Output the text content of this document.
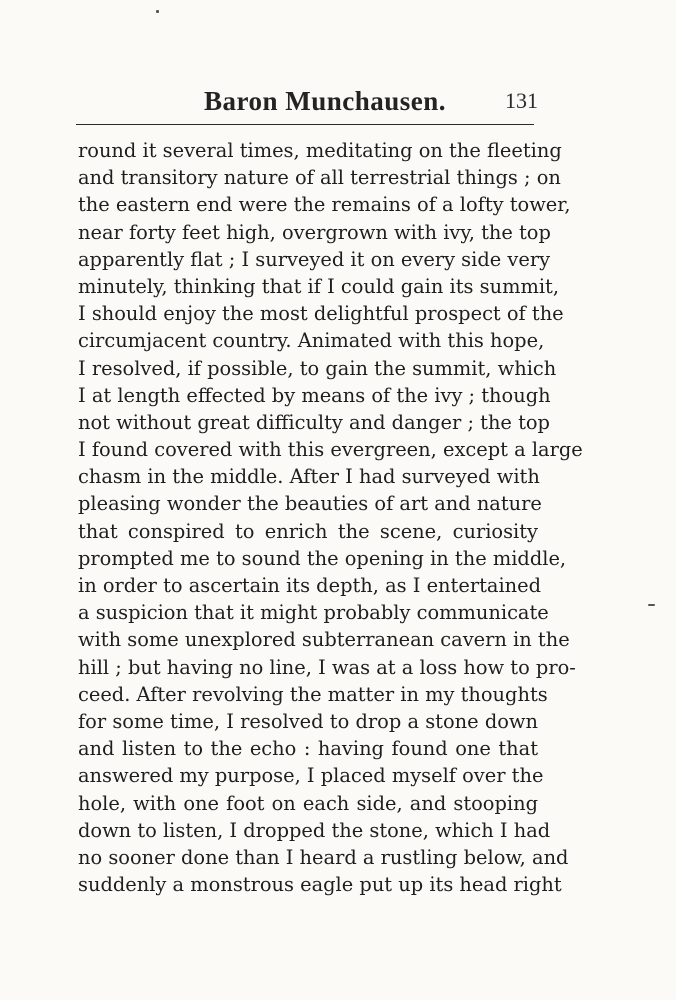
Baron Munchausen.	131
round it several times, meditating on the fleeting
and transitory nature of all terrestrial things ; on
the eastern end were the remains of a lofty tower,
near forty feet high, overgrown with ivy, the top
apparently flat ; I surveyed it on every side very
minutely, thinking that if I could gain its summit,
I should enjoy the most delightful prospect of the
circumjacent country. Animated with this hope,
I resolved, if possible, to gain the summit, which
I at length effected by means of the ivy ; though
not without great difficulty and danger ; the top
I found covered with this evergreen, except a large
chasm in the middle. After I had surveyed with
pleasing wonder the beauties of art and nature
that conspired to enrich the scene, curiosity
prompted me to sound the opening in the middle,
in order to ascertain its depth, as I entertained
a suspicion that it might probably communicate
with some unexplored subterranean cavern in the
hill ; but having no line, I was at a loss how to pro-
ceed. After revolving the matter in my thoughts
for some time, I resolved to drop a stone down
and listen to the echo : having found one that
answered my purpose, I placed myself over the
hole, with one foot on each side, and stooping
down to listen, I dropped the stone, which I had
no sooner done than I heard a rustling below, and
suddenly a monstrous eagle put up its head right
